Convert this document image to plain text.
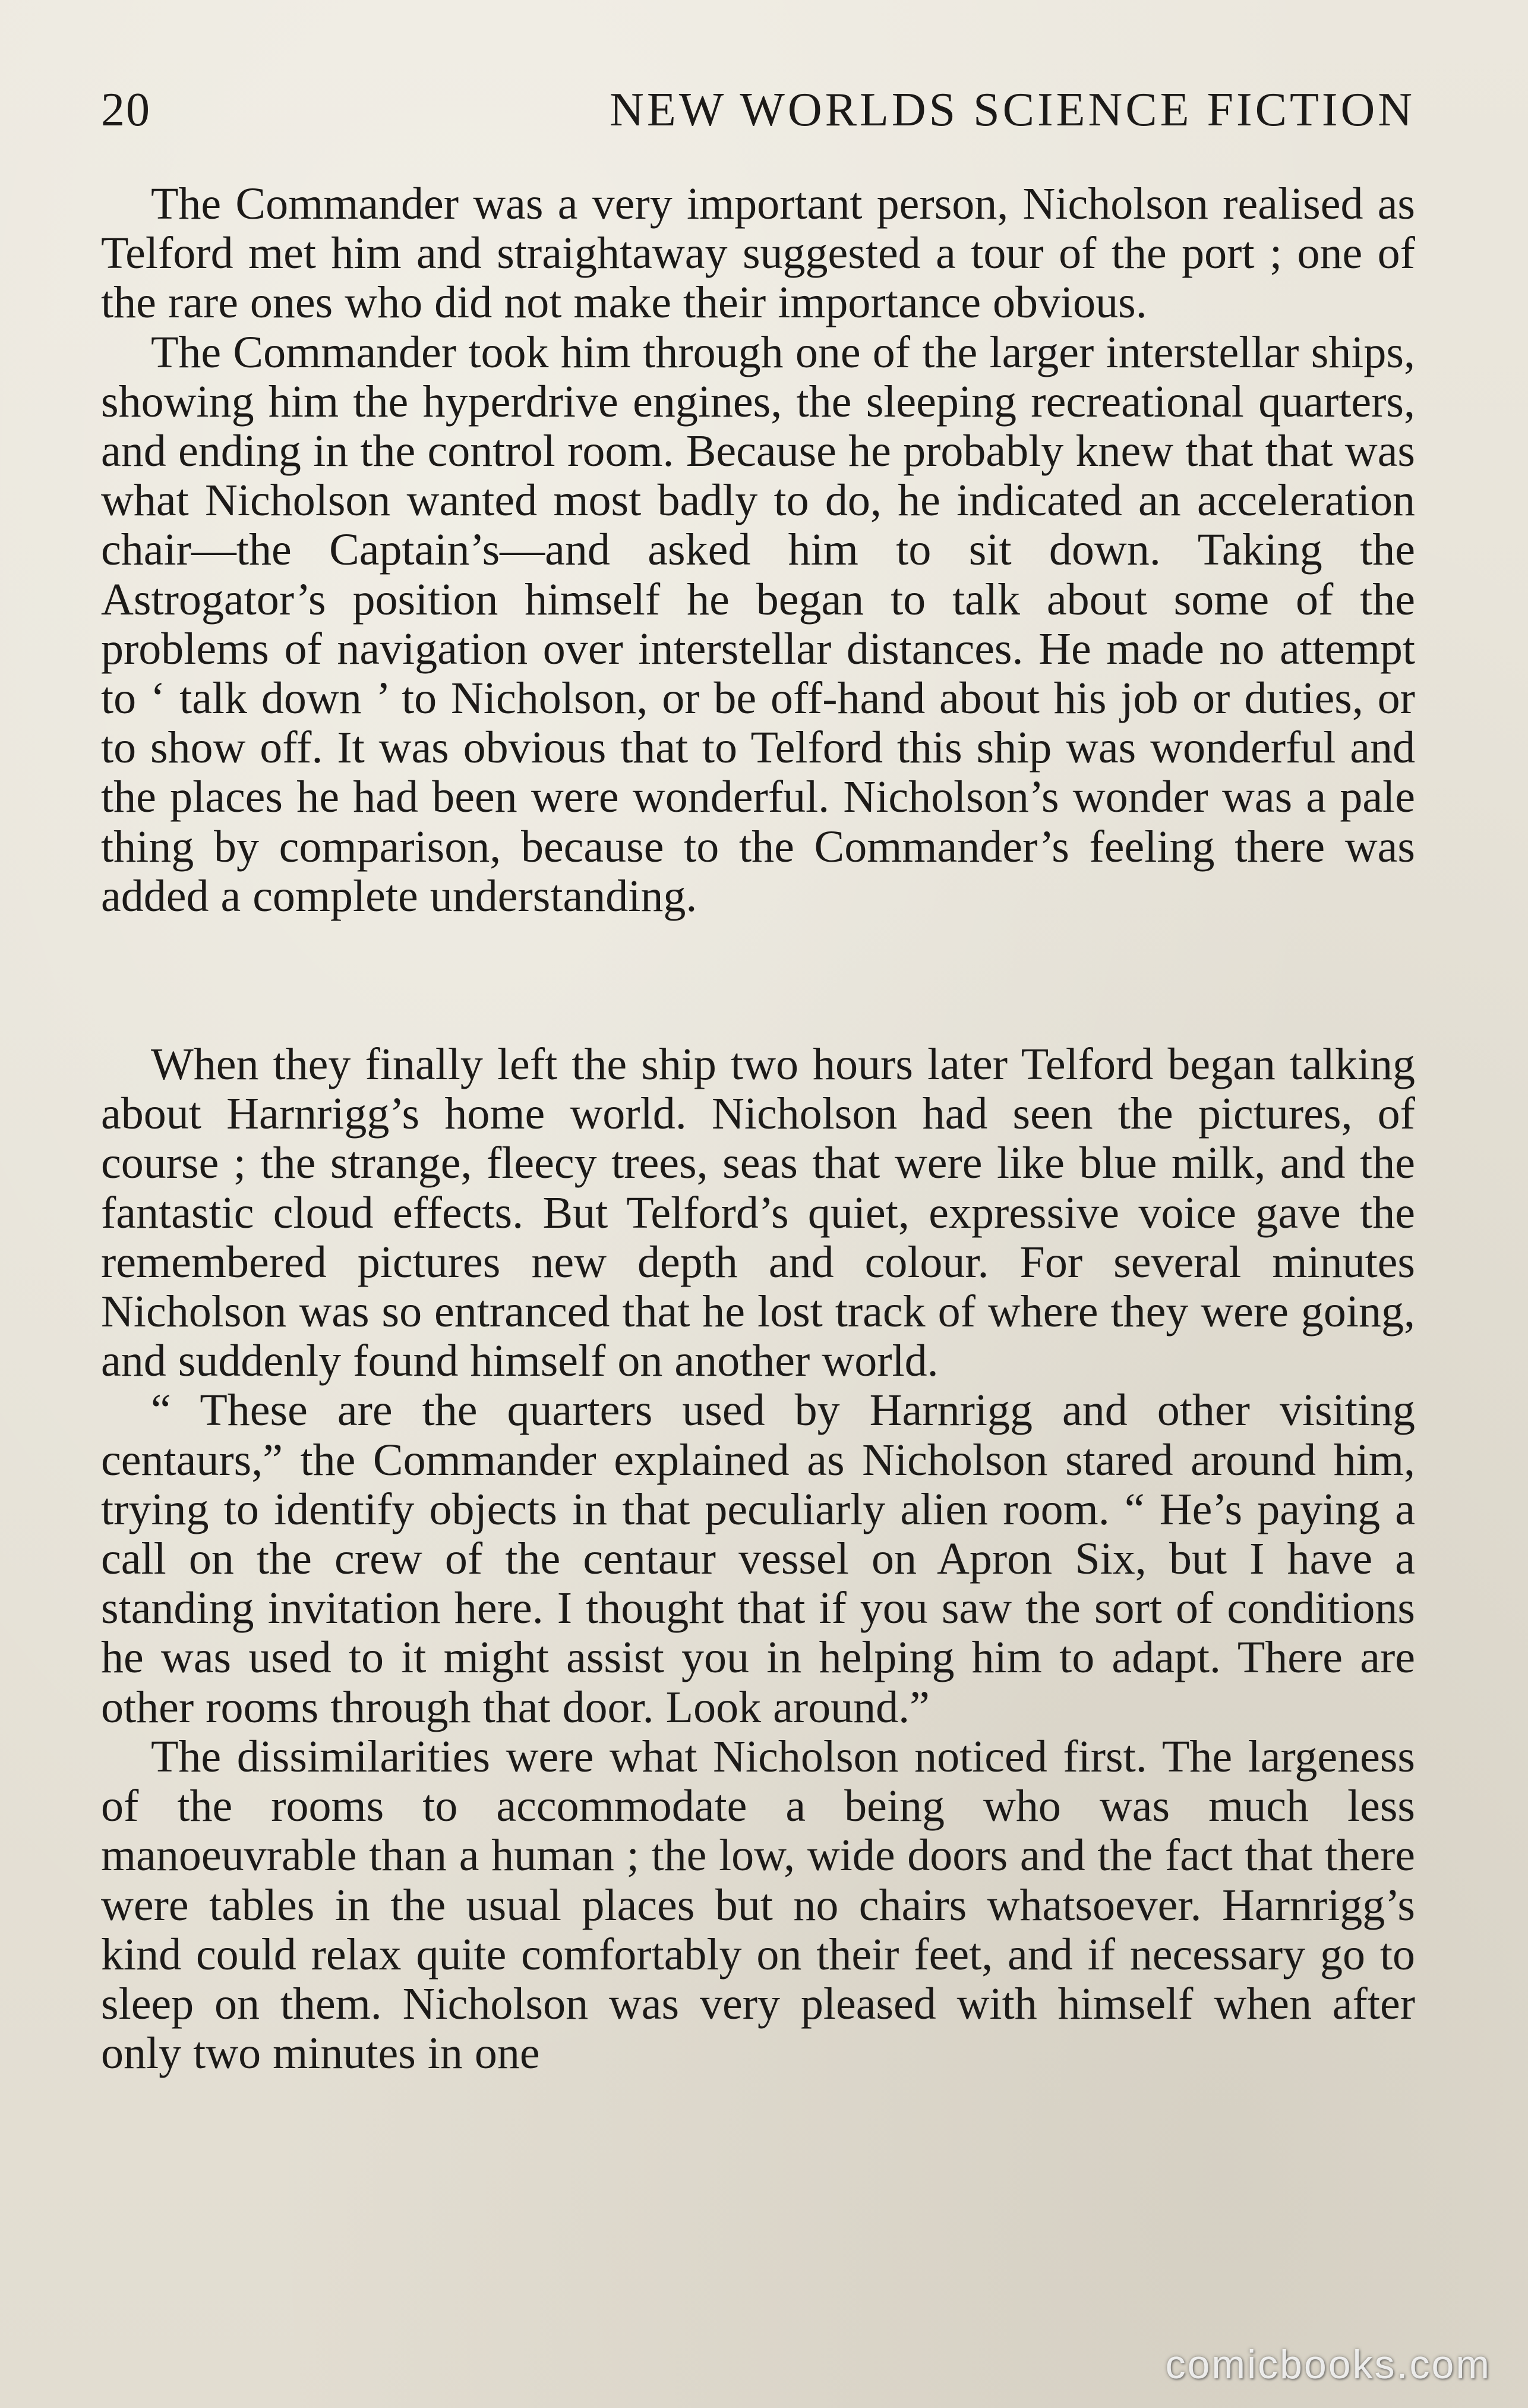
20	NEW WORLDS SCIENCE FICTION

The Commander was a very important person, Nicholson realised as Telford met him and straightaway suggested a tour of the port ; one of the rare ones who did not make their importance obvious.

The Commander took him through one of the larger interstellar ships, showing him the hyperdrive engines, the sleeping recreational quarters, and ending in the control room. Because he probably knew that that was what Nicholson wanted most badly to do, he indicated an acceleration chair—the Captain’s—and asked him to sit down. Taking the Astrogator’s position himself he began to talk about some of the problems of navigation over interstellar distances. He made no attempt to ‘ talk down ’ to Nicholson, or be off-hand about his job or duties, or to show off. It was obvious that to Telford this ship was wonderful and the places he had been were wonderful. Nicholson’s wonder was a pale thing by comparison, because to the Commander’s feeling there was added a complete understanding.

When they finally left the ship two hours later Telford began talking about Harnrigg’s home world. Nicholson had seen the pictures, of course ; the strange, fleecy trees, seas that were like blue milk, and the fantastic cloud effects. But Telford’s quiet, expressive voice gave the remembered pictures new depth and colour. For several minutes Nicholson was so entranced that he lost track of where they were going, and suddenly found himself on another world.

“ These are the quarters used by Harnrigg and other visiting centaurs,” the Commander explained as Nicholson stared around him, trying to identify objects in that peculiarly alien room. “ He’s paying a call on the crew of the centaur vessel on Apron Six, but I have a standing invitation here. I thought that if you saw the sort of conditions he was used to it might assist you in helping him to adapt. There are other rooms through that door. Look around.”

The dissimilarities were what Nicholson noticed first. The largeness of the rooms to accommodate a being who was much less manoeuvrable than a human ; the low, wide doors and the fact that there were tables in the usual places but no chairs whatsoever. Harnrigg’s kind could relax quite comfortably on their feet, and if necessary go to sleep on them. Nicholson was very pleased with himself when after only two minutes in one

comicbooks.com
